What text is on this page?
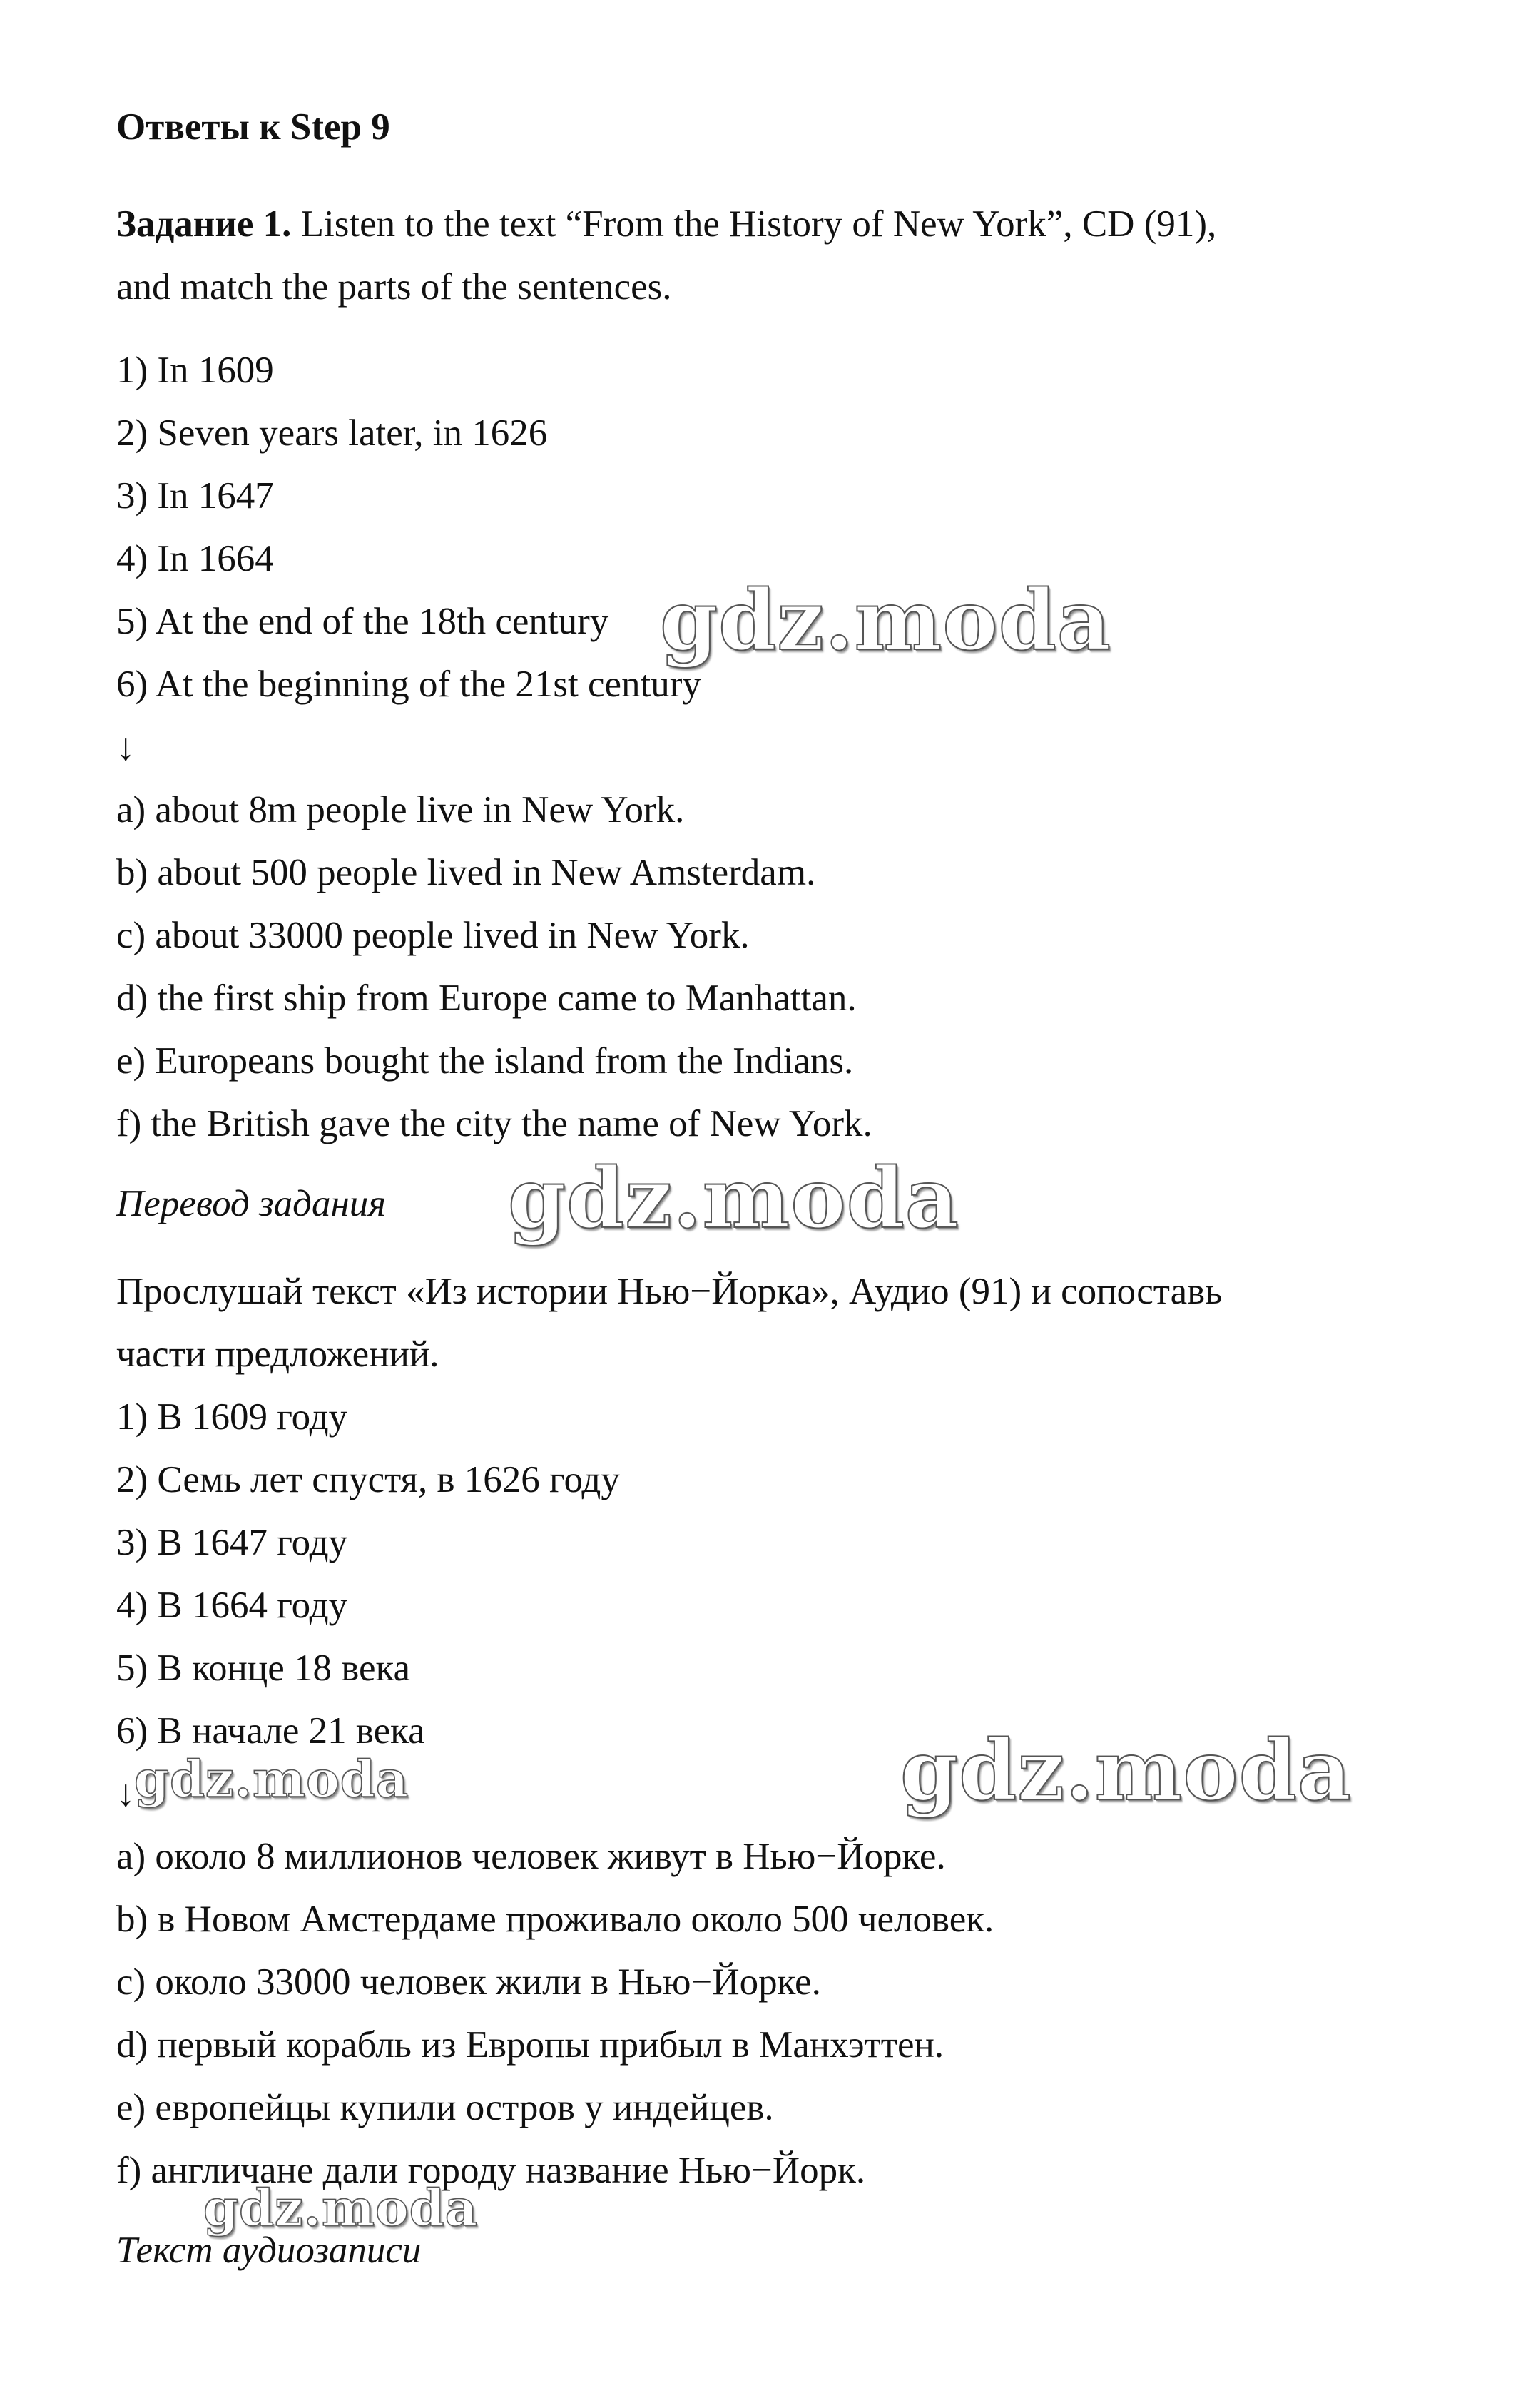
Ответы к Step 9
Задание 1. Listen to the text “From the History of New York”, CD (91),
and match the parts of the sentences.
1) In 1609
2) Seven years later, in 1626
3) In 1647
4) In 1664
5) At the end of the 18th century
6) At the beginning of the 21st century
↓
a) about 8m people live in New York.
b) about 500 people lived in New Amsterdam.
c) about 33000 people lived in New York.
d) the first ship from Europe came to Manhattan.
e) Europeans bought the island from the Indians.
f) the British gave the city the name of New York.
Перевод задания
Прослушай текст «Из истории Нью−Йорка», Аудио (91) и сопоставь
части предложений.
1) В 1609 году
2) Семь лет спустя, в 1626 году
3) В 1647 году
4) В 1664 году
5) В конце 18 века
6) В начале 21 века
↓
a) около 8 миллионов человек живут в Нью−Йорке.
b) в Новом Амстердаме проживало около 500 человек.
c) около 33000 человек жили в Нью−Йорке.
d) первый корабль из Европы прибыл в Манхэттен.
e) европейцы купили остров у индейцев.
f) англичане дали городу название Нью−Йорк.
Текст аудиозаписи
gdz.moda
gdz.moda
gdz.moda
gdz.moda
gdz.moda
